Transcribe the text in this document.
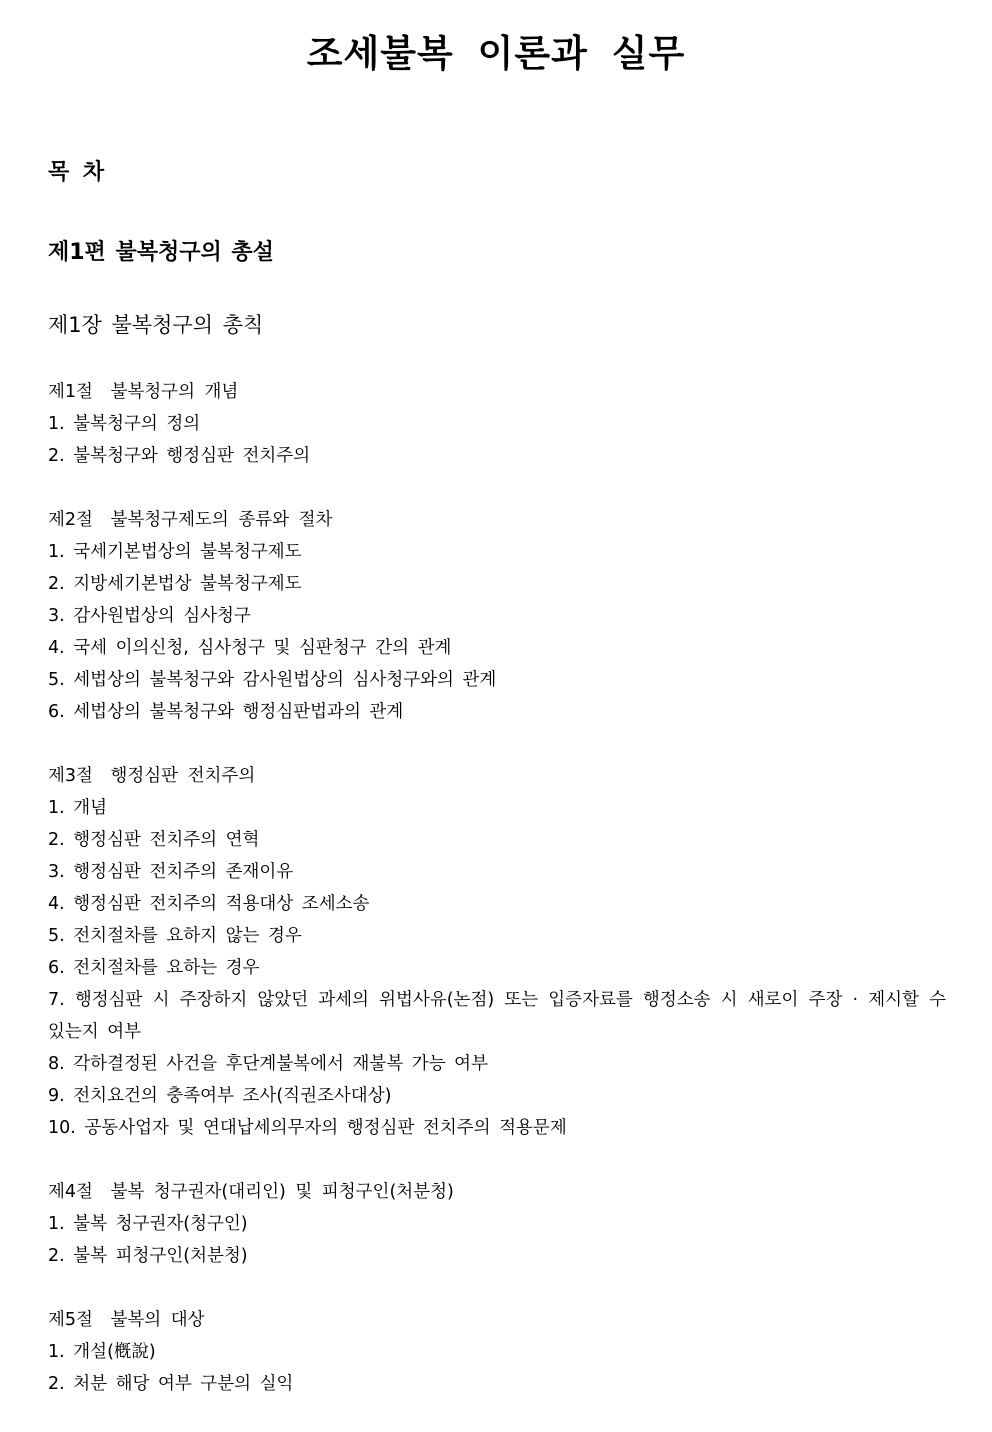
조세불복 이론과 실무
목 차
제1편 불복청구의 총설
제1장 불복청구의 총칙
제1절　불복청구의 개념
1. 불복청구의 정의
2. 불복청구와 행정심판 전치주의
제2절　불복청구제도의 종류와 절차
1. 국세기본법상의 불복청구제도
2. 지방세기본법상 불복청구제도
3. 감사원법상의 심사청구
4. 국세 이의신청, 심사청구 및 심판청구 간의 관계
5. 세법상의 불복청구와 감사원법상의 심사청구와의 관계
6. 세법상의 불복청구와 행정심판법과의 관계
제3절　행정심판 전치주의
1. 개념
2. 행정심판 전치주의 연혁
3. 행정심판 전치주의 존재이유
4. 행정심판 전치주의 적용대상 조세소송
5. 전치절차를 요하지 않는 경우
6. 전치절차를 요하는 경우
7. 행정심판 시 주장하지 않았던 과세의 위법사유(논점) 또는 입증자료를 행정소송 시 새로이 주장 · 제시할 수 있는지 여부
8. 각하결정된 사건을 후단계불복에서 재불복 가능 여부
9. 전치요건의 충족여부 조사(직권조사대상)
10. 공동사업자 및 연대납세의무자의 행정심판 전치주의 적용문제
제4절　불복 청구권자(대리인) 및 피청구인(처분청)
1. 불복 청구권자(청구인)
2. 불복 피청구인(처분청)
제5절　불복의 대상
1. 개설(槪說)
2. 처분 해당 여부 구분의 실익
